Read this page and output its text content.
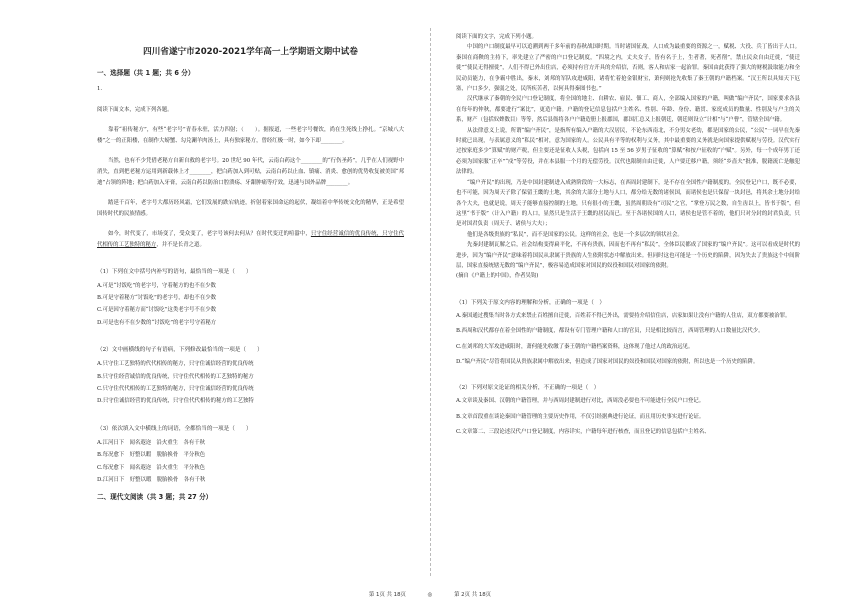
四川省遂宁市2020-2021学年高一上学期语文期中试卷
一、选择题（共 1 题；共 6 分）

1.

阅读下面文本，完成下列各题。

靠着“祖传秘方”，有些“老字号”青春永驻，活力四射；（　　）。据报道，一些老字号餐饮，尚在生死线上挣扎。“京城八大楼”之一的正阳楼，在制作大螃蟹、勾兑涮羊肉汤上，具有独家秘方，曾经红极一时，如今下却________。

当然，也有不少凭借老秘方自新自救的老字号。20 世纪 90 年代，云南白药这个________的“行伤圣药”，几乎在人们视野中消失，直到把老秘方运用到新载体上才________，把白药加入到可贴，云南白药以止血、镇痛、消炎、愈创的优势收复被美国“邦迪”占领的阵地；把白药加入牙膏，云南白药以防治口腔溃疡、牙龈肿痛等疗效，迅速与国外品牌________。

踏延千百年，老字号大都历经风霜，它们发展的跌宕轨迹，折射着家国命运的起伏，凝结着中华传统文化的精华，正是希望国传时代的民族情感。

如今，时代变了，市场变了，受众变了，老字号该何去何从？在时代变迁的喧嚣中，只守住经营诚信的优良传统，只守住代代相传的工艺独特的秘方，并不是长青之道。

（1）下列在文中括号内补写的语句，最恰当的一项是（　　）

A.可是“讨饭吃”的老字号，守着秘方的也不在少数

B.可是守着秘方“讨饭吃”的老字号，却也不在少数

C.可是因守着秘方而“讨饭吃”这类老字号不在少数

D.可是也有不在少数的“讨饭吃”的老字号守着秘方

（2）文中画横线的句子有语病，下列修改最恰当的一项是（　　）

A.只守住工艺独特的代代相传的秘方，只守住诚信经营的优良传统

B.只守住经营诚信的优良传统，只守住代代相传的工艺独特的秘方

C.只守住代代相传的工艺独特的秘方，只守住诚信经营的优良传统

D.只守住诚信经营的优良传统，只守住代代相传的秘方的工艺独特

（3）依次填入文中横线上的词语，全都恰当的一项是（　　）

A.江河日下　闻名遐迩　沿火重生　各有千秋

B.每况愈下　好整以暇　脱胎换骨　平分秋色

C.每况愈下　闻名遐迩　沿火重生　平分秋色

D.江河日下　好整以暇　脱胎换骨　各有千秋

二、现代文阅读（共 3 题；共 27 分）

阅读下面的文字，完成下列小题。

中国的户口制度最早可以追溯到两千多年前的春秋战国时期。当时诸国征战，人口成为最重要的资源之一，赋税、大役、兵丁皆出于人口。秦国在商鞅的主持下，率先建立了严密的户口登记制度，“四境之内，丈夫女子，皆有名于上，生者著，死者削”，禁止民众自由迁徙，“使迁徙”“使民无得擅徙”，人们不得已外出住店，必须持有官方开具的介绍信，否则，客人和店家一起治罪。秦国由此获得了强大的财税汲取能力和全民动员能力，在争霸中胜出，秦末，刘邦的军队攻进咸阳，诸将忙着抢金银财宝，萧何则抢先收集了秦王朝的户籍档案。“汉王所以具知天下厄塞，户口多少，强弱之处，民所疾苦者，以何具得秦图书也。”

汉代继承了秦朝的全民户口登记制度，将全国的地主、自耕农、雇民、佃工、商人，全部编入国家的户籍，叫做“编户齐民”，国家要求各县在每年的仲秋，都要进行“案比”，更造户籍。户籍的登记信息包括户主姓名、性别、年龄、身份、籍贯、家庭成员的数量、性别及与户主的关系，财产（包括奴婢数目）等等，然后县衙将各户户籍造册上报郡国，郡国汇总又上报朝廷，朝廷则设立“计相”与“户曹”，管辖全国户籍。

从法律意义上说，所谓“编户齐民”，是指所有编入户籍的大汉居民，不论东西南北，不分男女老幼，都是国家的公民，“公民”一词早在先秦时就已出现，与表属意义的“私民”相对，意为国家的人。公民具有平等的权利与义务，其中最重要的义务就是向国家提供赋税与劳役。汉代实行过按家庭多少“算赋”的财产税，但主要还是征收人头税，包括向 15 至 56 岁男子征收的“算赋”和按户征收的“户赋”。另外，每一个成年男丁还必须为国家服“正卒”“戍”等劳役，并在本县服一个月的无偿劳役。汉代也限制自由迁徙，人户要迁移户籍，须经“乡啬夫”批准，脱籍流亡是触犯法律的。

“编户齐民”的出现，乃是中国封建制进入成熟阶段的一大标志，在西周封建制下，是不存在全国性户籍制度的。全民登记户口，既不必要，也不可能，因为周天子除了保留王畿的土地，其余的大部分土地与人口，都分给无数的诸侯国，而诸侯也是只保留一块封邑，将其余土地分封给各个大夫，也就是说，周天子能够直接控制的土地，只有很小的王畿，虽然周朝设有“司民”之官，“掌登万民之数，自生齿以上，皆书于版”，但这里“书于版”（计入户籍）的人口，显然只是生活于王畿的居民而已。至于各诸侯国的人口，诸侯也是管不着的，他们只对分封的封君负责，只是对国君负责（周天子、诸侯与大夫）；

他们是各级贵族的“私民”，而不是国家的公民。这样的社会，也是一个多层次的领状社会。

先秦封建制瓦解之后，社会结构变得扁平化，不再有贵族，因而也不再有“私民”，全体臣民都成了国家的“编户齐民”。这可以看成是时代的进步，因为“编户齐民”意味着将国民从隶属于贵族的人生依附状态中解放出来。但同时这也可能是一个历史的陷阱，因为失去了贵族这个中间阶层，国家直接统辖无数的“编户齐民”，极容易造成国家对国民的奴役和国民对国家的依附。

(摘自《户籍上的中国》，作者吴钩)

（1）下列关于原文内容的理解和分析，正确的一项是（　）

A.秦国通过搜集当时各方式来禁止百姓擅自迁徙，百姓若不得已外出，需要持介绍信住店，店家如果让没有户籍的人住店，双方都要被治罪。

B.西周和汉代都存在着全国性的户籍制度，都设有专门管理户籍和人口的官员，只是相比较而言，西周管理的人口数量比汉代少。

C.在刘邦的大军攻进咸阳时，萧何能先收缴了秦王朝的户籍档案资料，这体现了他过人的政治远见。

D.“编户齐民”尽管将国民从贵族隶属中解放出来，但造成了国家对国民的奴役和国民对国家的依附，所以也是一个历史的陷阱。

（2）下列对原文论证的相关分析，不正确的一项是（　）

A.文章谈及秦国、汉朝的户籍管理，并与西周封建制进行对比，西周没必要也不可能进行全民户口登记。

B.文章首段重在谈论秦国户籍管理的主要历史作用，不仅引经据典进行论证，而且用历史事实进行论证。

C.文章第二、三段论述汉代户口登记制度，内容详实，户籍每年进行核查，而且登记的信息包括户主姓名、

第 1页 共 18页	◎	第 2页 共 18页
